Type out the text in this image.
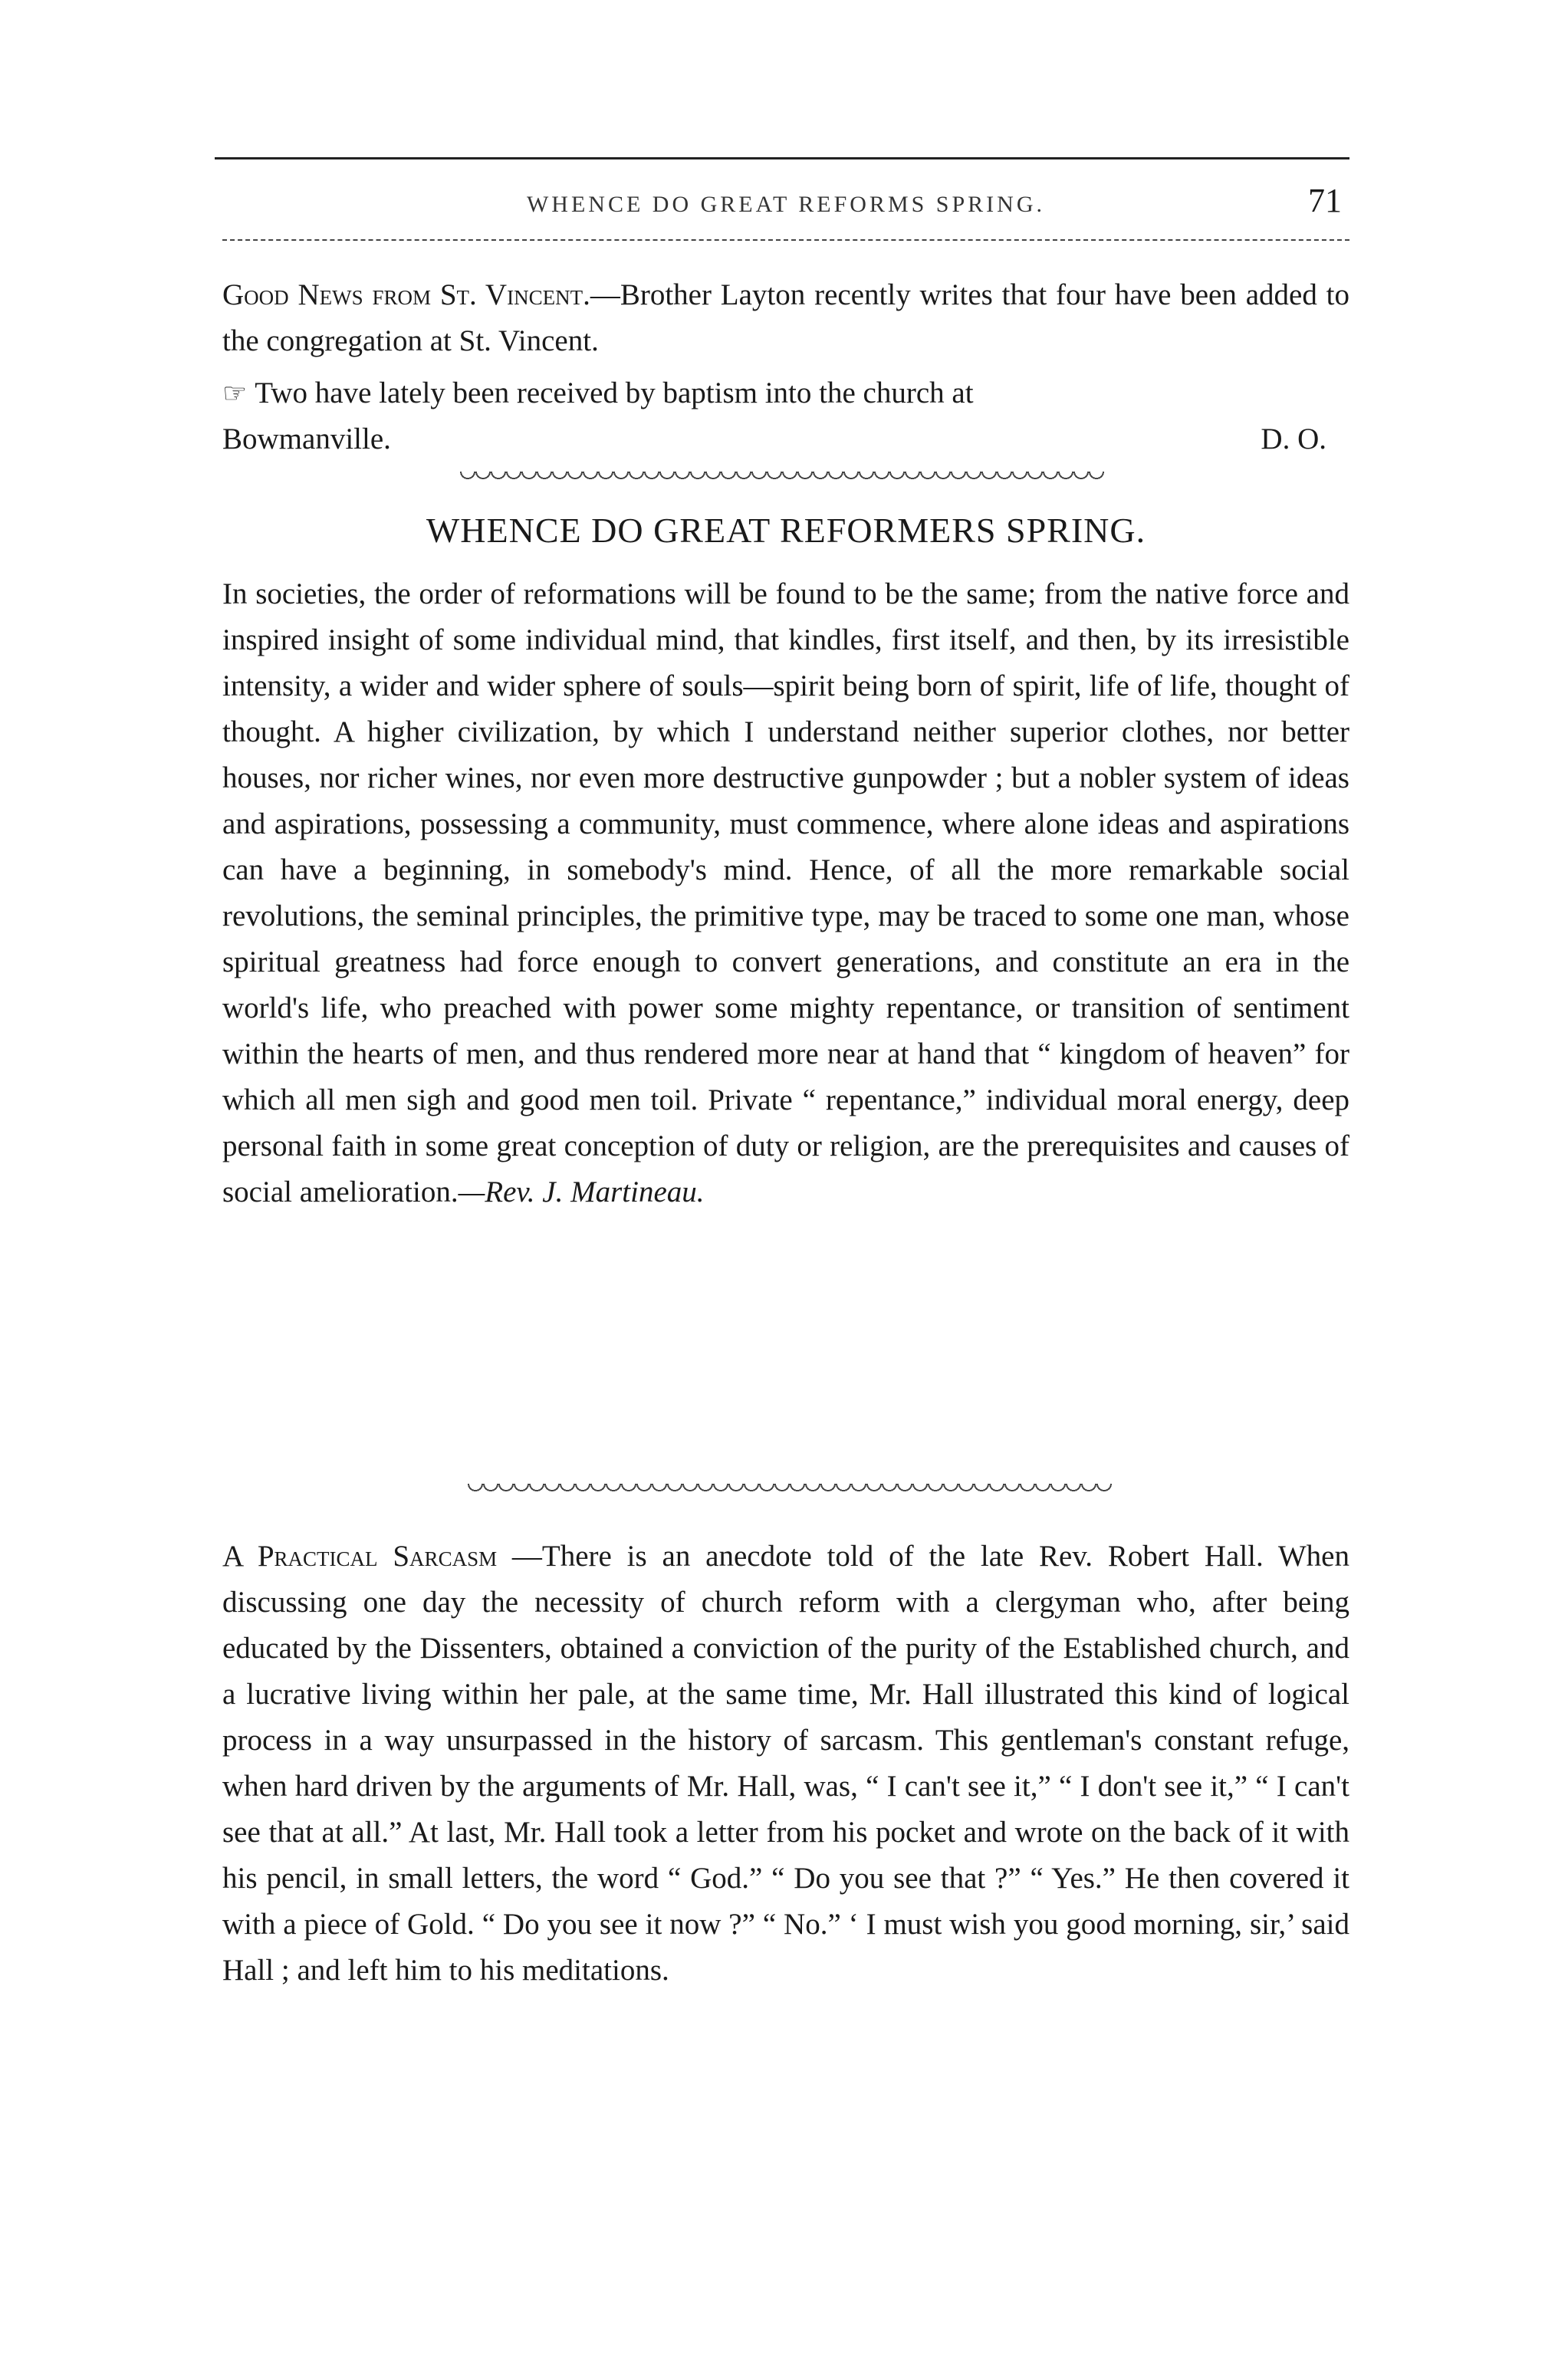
WHENCE DO GREAT REFORMS SPRING.	71

Good News from St. Vincent.—Brother Layton recently writes that four have been added to the congregation at St. Vincent.

☞ Two have lately been received by baptism into the church at

Bowmanville.	D. O.
WHENCE DO GREAT REFORMERS SPRING.

In societies, the order of reformations will be found to be the same; from the native force and inspired insight of some individual mind, that kindles, first itself, and then, by its irresistible intensity, a wider and wider sphere of souls—spirit being born of spirit, life of life, thought of thought. A higher civilization, by which I understand neither superior clothes, nor better houses, nor richer wines, nor even more destructive gunpowder ; but a nobler system of ideas and aspirations, possessing a community, must commence, where alone ideas and aspirations can have a beginning, in somebody's mind. Hence, of all the more remarkable social revolutions, the seminal principles, the primitive type, may be traced to some one man, whose spiritual greatness had force enough to convert generations, and constitute an era in the world's life, who preached with power some mighty repentance, or transition of sentiment within the hearts of men, and thus rendered more near at hand that “ kingdom of heaven” for which all men sigh and good men toil. Private “ repentance,” individual moral energy, deep personal faith in some great conception of duty or religion, are the prerequisites and causes of social amelioration.—Rev. J. Martineau.

A Practical Sarcasm —There is an anecdote told of the late Rev. Robert Hall. When discussing one day the necessity of church reform with a clergyman who, after being educated by the Dissenters, obtained a conviction of the purity of the Established church, and a lucrative living within her pale, at the same time, Mr. Hall illustrated this kind of logical process in a way unsurpassed in the history of sarcasm. This gentleman's constant refuge, when hard driven by the arguments of Mr. Hall, was, “ I can't see it,” “ I don't see it,” “ I can't see that at all.” At last, Mr. Hall took a letter from his pocket and wrote on the back of it with his pencil, in small letters, the word “ God.” “ Do you see that ?” “ Yes.” He then covered it with a piece of Gold. “ Do you see it now ?” “ No.” ‘ I must wish you good morning, sir,’ said Hall ; and left him to his meditations.
